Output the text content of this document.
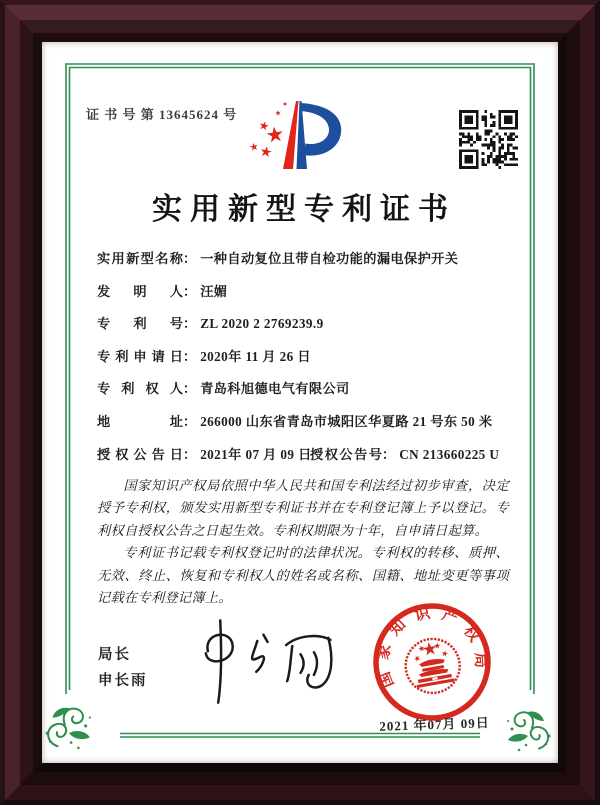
证 书 号 第 13645624 号
实用新型专利证书
实用新型名称： 一种自动复位且带自检功能的漏电保护开关
发明人： 汪媚
专利号： ZL 2020 2 2769239.9
专利申请日： 2020年 11 月 26 日
专利权人： 青岛科旭德电气有限公司
地址： 266000 山东省青岛市城阳区华夏路 21 号东 50 米
授权公告日： 2021年 07 月 09 日
授权公告号： CN 213660225 U

国家知识产权局依照中华人民共和国专利法经过初步审查，决定授予专利权，颁发实用新型专利证书并在专利登记簿上予以登记。专利权自授权公告之日起生效。专利权期限为十年，自申请日起算。

专利证书记载专利权登记时的法律状况。专利权的转移、质押、无效、终止、恢复和专利权人的姓名或名称、国籍、地址变更等事项记载在专利登记簿上。

局长
申长雨	国家知识产权局
2021 年07月 09日
